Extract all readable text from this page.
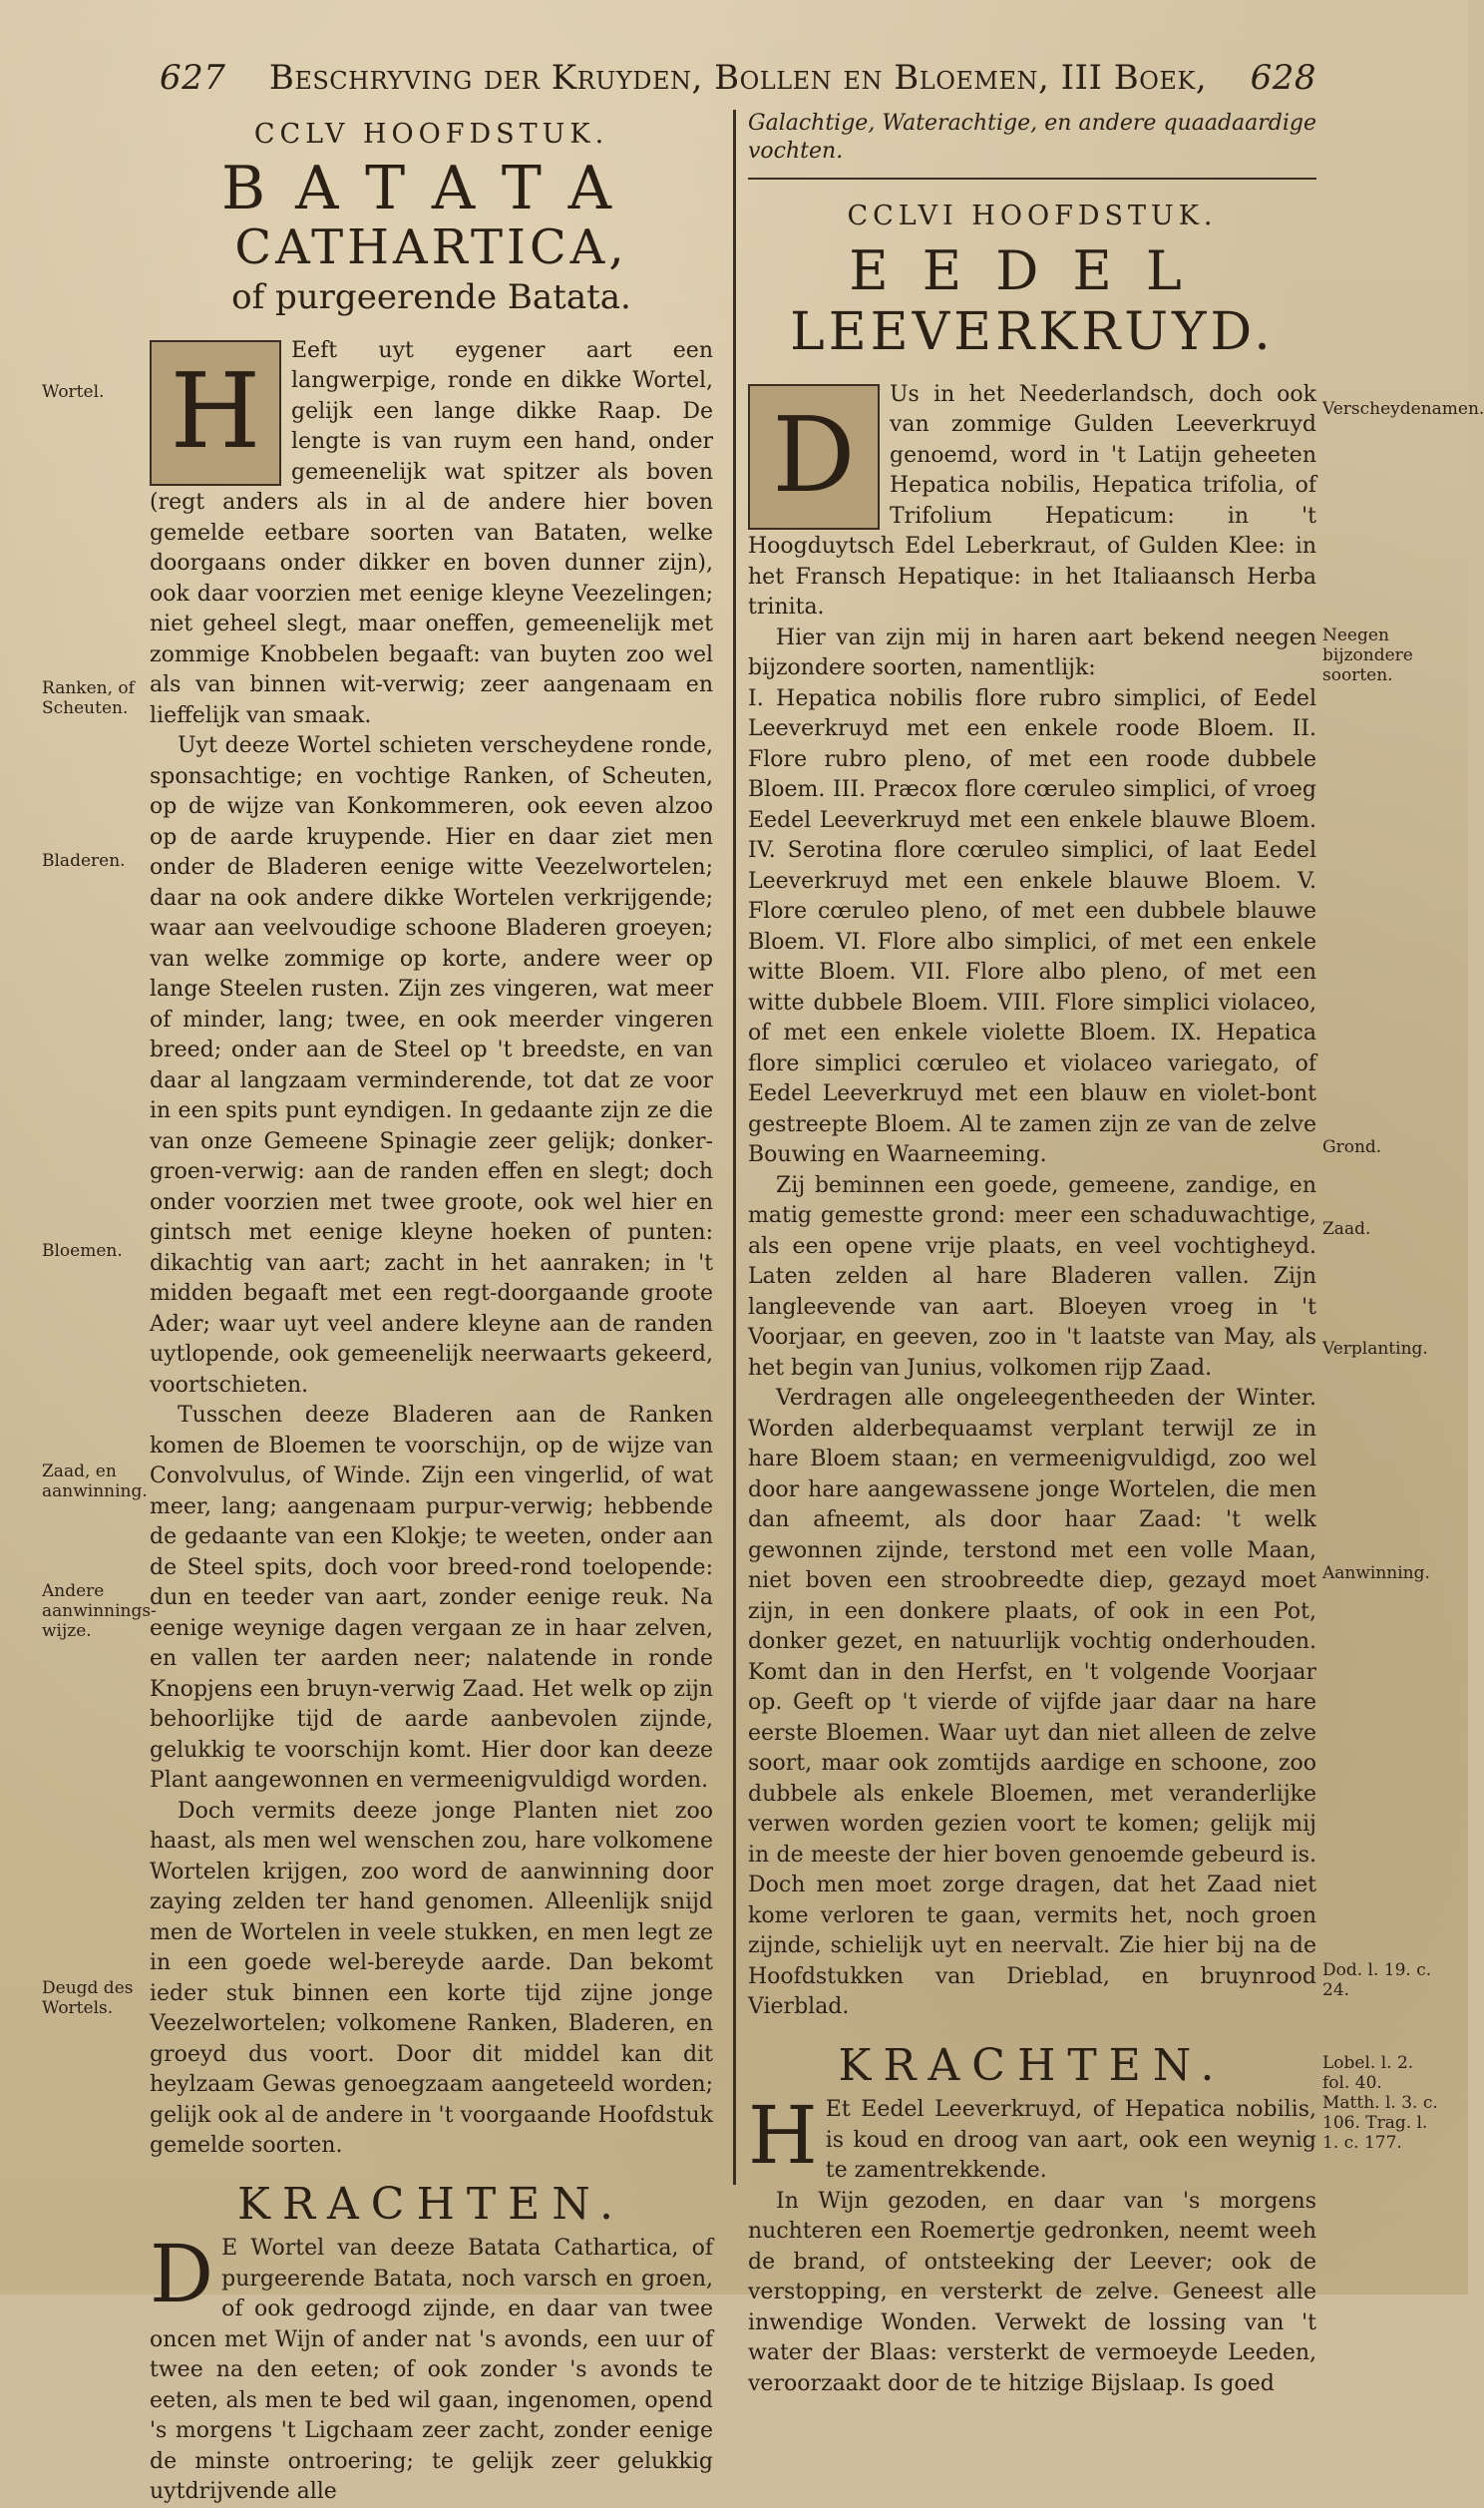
627 Beschryving der Kruyden, Bollen en Bloemen, III Boek, 628
CCLV HOOFDSTUK.
BATATA
CATHARTICA,
of purgeerende Batata.
H	Eeft uyt eygener aart een langwerpige, ronde en dikke Wortel, gelijk een lange dikke Raap. De lengte is van ruym een hand, onder gemeenelijk wat spitzer als boven (regt anders als in al de andere hier boven gemelde eetbare soorten van Bataten, welke doorgaans onder dikker en boven dunner zijn), ook daar voorzien met eenige kleyne Veezelingen; niet geheel slegt, maar oneffen, gemeenelijk met zommige Knobbelen begaaft: van buyten zoo wel als van binnen wit-verwig; zeer aangenaam en lieffelijk van smaak.

Uyt deeze Wortel schieten verscheydene ronde, sponsachtige; en vochtige Ranken, of Scheuten, op de wijze van Konkommeren, ook eeven alzoo op de aarde kruypende. Hier en daar ziet men onder de Bladeren eenige witte Veezelwortelen; daar na ook andere dikke Wortelen verkrijgende; waar aan veelvoudige schoone Bladeren groeyen; van welke zommige op korte, andere weer op lange Steelen rusten. Zijn zes vingeren, wat meer of minder, lang; twee, en ook meerder vingeren breed; onder aan de Steel op 't breedste, en van daar al langzaam verminderende, tot dat ze voor in een spits punt eyndigen. In gedaante zijn ze die van onze Gemeene Spinagie zeer gelijk; donker-groen-verwig: aan de randen effen en slegt; doch onder voorzien met twee groote, ook wel hier en gintsch met eenige kleyne hoeken of punten: dikachtig van aart; zacht in het aanraken; in 't midden begaaft met een regt-doorgaande groote Ader; waar uyt veel andere kleyne aan de randen uytlopende, ook gemeenelijk neerwaarts gekeerd, voortschieten.

Tusschen deeze Bladeren aan de Ranken komen de Bloemen te voorschijn, op de wijze van Convolvulus, of Winde. Zijn een vingerlid, of wat meer, lang; aangenaam purpur-verwig; hebbende de gedaante van een Klokje; te weeten, onder aan de Steel spits, doch voor breed-rond toelopende: dun en teeder van aart, zonder eenige reuk. Na eenige weynige dagen vergaan ze in haar zelven, en vallen ter aarden neer; nalatende in ronde Knopjens een bruyn-verwig Zaad. Het welk op zijn behoorlijke tijd de aarde aanbevolen zijnde, gelukkig te voorschijn komt. Hier door kan deeze Plant aangewonnen en vermeenigvuldigd worden.

Doch vermits deeze jonge Planten niet zoo haast, als men wel wenschen zou, hare volkomene Wortelen krijgen, zoo word de aanwinning door zaying zelden ter hand genomen. Alleenlijk snijd men de Wortelen in veele stukken, en men legt ze in een goede wel-bereyde aarde. Dan bekomt ieder stuk binnen een korte tijd zijne jonge Veezelwortelen; volkomene Ranken, Bladeren, en groeyd dus voort. Door dit middel kan dit heylzaam Gewas genoegzaam aangeteeld worden; gelijk ook al de andere in 't voorgaande Hoofdstuk gemelde soorten.

KRACHTEN.
D E Wortel van deeze Batata Cathartica, of purgeerende Batata, noch varsch en groen, of ook gedroogd zijnde, en daar van twee oncen met Wijn of ander nat 's avonds, een uur of twee na den eeten; of ook zonder 's avonds te eeten, als men te bed wil gaan, ingenomen, opend 's morgens 't Ligchaam zeer zacht, zonder eenige de minste ontroering; te gelijk zeer gelukkig uytdrijvende alle

Wortel.
Ranken, of Scheuten.
Bladeren.
Bloemen.
Zaad, en aanwinning.
Andere aanwinnings-wijze.
Deugd des Wortels.
Galachtige, Waterachtige, en andere quaadaardige vochten.
CCLVI HOOFDSTUK.
EEDEL
LEEVERKRUYD.
D	Us in het Neederlandsch, doch ook van zommige Gulden Leeverkruyd genoemd, word in 't Latijn geheeten Hepatica nobilis, Hepatica trifolia, of Trifolium Hepaticum: in 't Hoogduytsch Edel Leberkraut, of Gulden Klee: in het Fransch Hepatique: in het Italiaansch Herba trinita.

Hier van zijn mij in haren aart bekend neegen bijzondere soorten, namentlijk:

I. Hepatica nobilis flore rubro simplici, of Eedel Leeverkruyd met een enkele roode Bloem. II. Flore rubro pleno, of met een roode dubbele Bloem. III. Præcox flore cœruleo simplici, of vroeg Eedel Leeverkruyd met een enkele blauwe Bloem. IV. Serotina flore cœruleo simplici, of laat Eedel Leeverkruyd met een enkele blauwe Bloem. V. Flore cœruleo pleno, of met een dubbele blauwe Bloem. VI. Flore albo simplici, of met een enkele witte Bloem. VII. Flore albo pleno, of met een witte dubbele Bloem. VIII. Flore simplici violaceo, of met een enkele violette Bloem. IX. Hepatica flore simplici cœruleo et violaceo variegato, of Eedel Leeverkruyd met een blauw en violet-bont gestreepte Bloem. Al te zamen zijn ze van de zelve Bouwing en Waarneeming.

Zij beminnen een goede, gemeene, zandige, en matig gemestte grond: meer een schaduwachtige, als een opene vrije plaats, en veel vochtigheyd. Laten zelden al hare Bladeren vallen. Zijn langleevende van aart. Bloeyen vroeg in 't Voorjaar, en geeven, zoo in 't laatste van May, als het begin van Junius, volkomen rijp Zaad.

Verdragen alle ongeleegentheeden der Winter. Worden alderbequaamst verplant terwijl ze in hare Bloem staan; en vermeenigvuldigd, zoo wel door hare aangewassene jonge Wortelen, die men dan afneemt, als door haar Zaad: 't welk gewonnen zijnde, terstond met een volle Maan, niet boven een stroobreedte diep, gezayd moet zijn, in een donkere plaats, of ook in een Pot, donker gezet, en natuurlijk vochtig onderhouden. Komt dan in den Herfst, en 't volgende Voorjaar op. Geeft op 't vierde of vijfde jaar daar na hare eerste Bloemen. Waar uyt dan niet alleen de zelve soort, maar ook zomtijds aardige en schoone, zoo dubbele als enkele Bloemen, met veranderlijke verwen worden gezien voort te komen; gelijk mij in de meeste der hier boven genoemde gebeurd is. Doch men moet zorge dragen, dat het Zaad niet kome verloren te gaan, vermits het, noch groen zijnde, schielijk uyt en neervalt. Zie hier bij na de Hoofdstukken van Drieblad, en bruynrood Vierblad.

KRACHTEN.
H Et Eedel Leeverkruyd, of Hepatica nobilis, is koud en droog van aart, ook een weynig te zamentrekkende.

In Wijn gezoden, en daar van 's morgens nuchteren een Roemertje gedronken, neemt weeh de brand, of ontsteeking der Leever; ook de verstopping, en versterkt de zelve. Geneest alle inwendige Wonden. Verwekt de lossing van 't water der Blaas: versterkt de vermoeyde Leeden, veroorzaakt door de te hitzige Bijslaap. Is goed

Verscheydenamen.
Neegen bijzondere soorten.
Grond.
Zaad.
Verplanting.
Aanwinning.
Dod. l. 19. c. 24.
Lobel. l. 2. fol. 40. Matth. l. 3. c. 106. Trag. l. 1. c. 177.
